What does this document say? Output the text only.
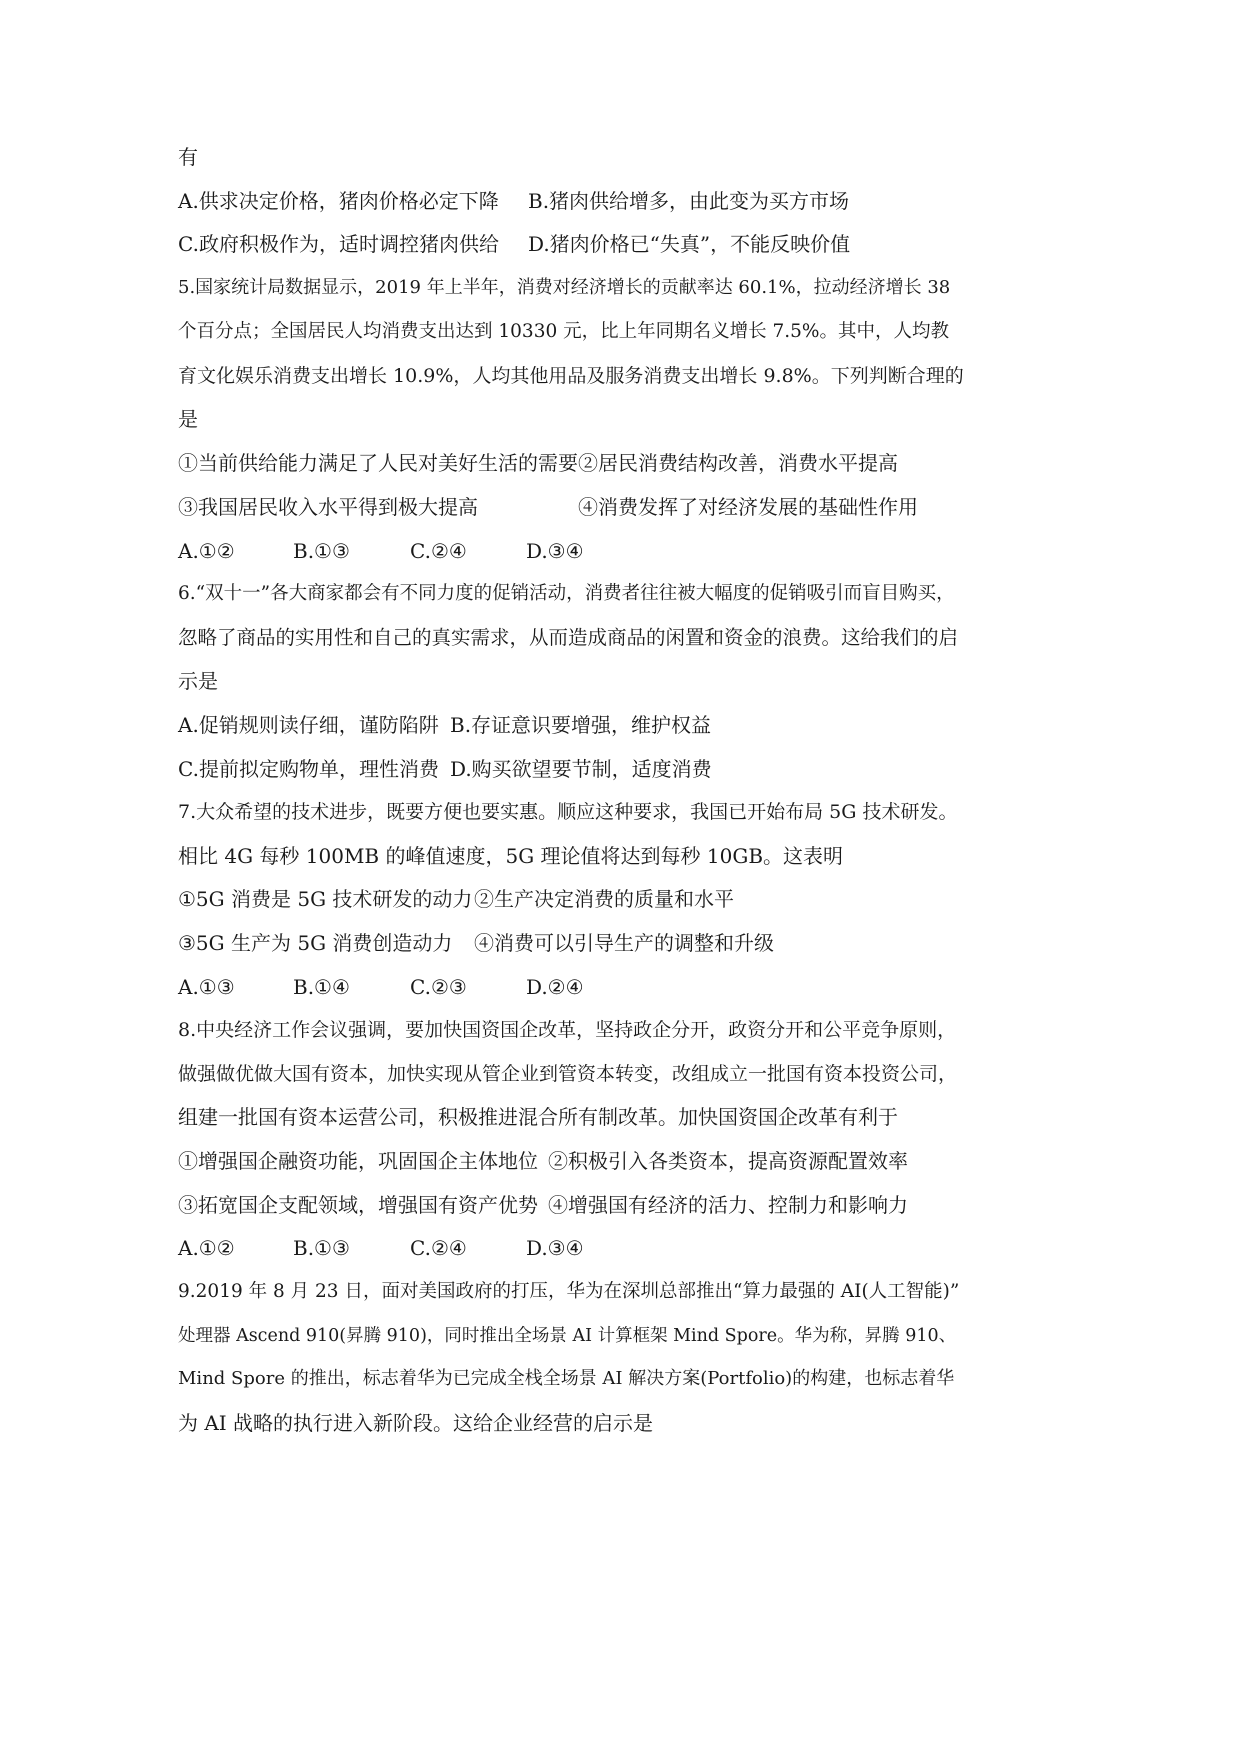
有
A.供求决定价格，猪肉价格必定下降 B.猪肉供给增多，由此变为买方市场
C.政府积极作为，适时调控猪肉供给 D.猪肉价格已“失真”，不能反映价值
5.国家统计局数据显示，2019 年上半年，消费对经济增长的贡献率达 60.1%，拉动经济增长 38
个百分点；全国居民人均消费支出达到 10330 元，比上年同期名义增长 7.5%。其中，人均教
育文化娱乐消费支出增长 10.9%，人均其他用品及服务消费支出增长 9.8%。下列判断合理的
是
①当前供给能力满足了人民对美好生活的需要 ②居民消费结构改善，消费水平提高
③我国居民收入水平得到极大提高	④消费发挥了对经济发展的基础性作用
A.①②	B.①③	C.②④	D.③④
6.“双十一”各大商家都会有不同力度的促销活动，消费者往往被大幅度的促销吸引而盲目购买，
忽略了商品的实用性和自己的真实需求，从而造成商品的闲置和资金的浪费。这给我们的启
示是
A.促销规则读仔细，谨防陷阱 B.存证意识要增强，维护权益
C.提前拟定购物单，理性消费 D.购买欲望要节制，适度消费
7.大众希望的技术进步，既要方便也要实惠。顺应这种要求，我国已开始布局 5G 技术研发。
相比 4G 每秒 100MB 的峰值速度，5G 理论值将达到每秒 10GB。这表明
①5G 消费是 5G 技术研发的动力 ②生产决定消费的质量和水平
③5G 生产为 5G 消费创造动力 ④消费可以引导生产的调整和升级
A.①③	B.①④	C.②③	D.②④
8.中央经济工作会议强调，要加快国资国企改革，坚持政企分开，政资分开和公平竞争原则，
做强做优做大国有资本，加快实现从管企业到管资本转变，改组成立一批国有资本投资公司，
组建一批国有资本运营公司，积极推进混合所有制改革。加快国资国企改革有利于
①增强国企融资功能，巩固国企主体地位 ②积极引入各类资本，提高资源配置效率
③拓宽国企支配领域，增强国有资产优势 ④增强国有经济的活力、控制力和影响力
A.①②	B.①③	C.②④	D.③④
9.2019 年 8 月 23 日，面对美国政府的打压，华为在深圳总部推出“算力最强的 AI(人工智能)”
处理器 Ascend 910(昇腾 910)，同时推出全场景 AI 计算框架 Mind Spore。华为称，昇腾 910、
Mind Spore 的推出，标志着华为已完成全栈全场景 AI 解决方案(Portfolio)的构建，也标志着华
为 AI 战略的执行进入新阶段。这给企业经营的启示是
